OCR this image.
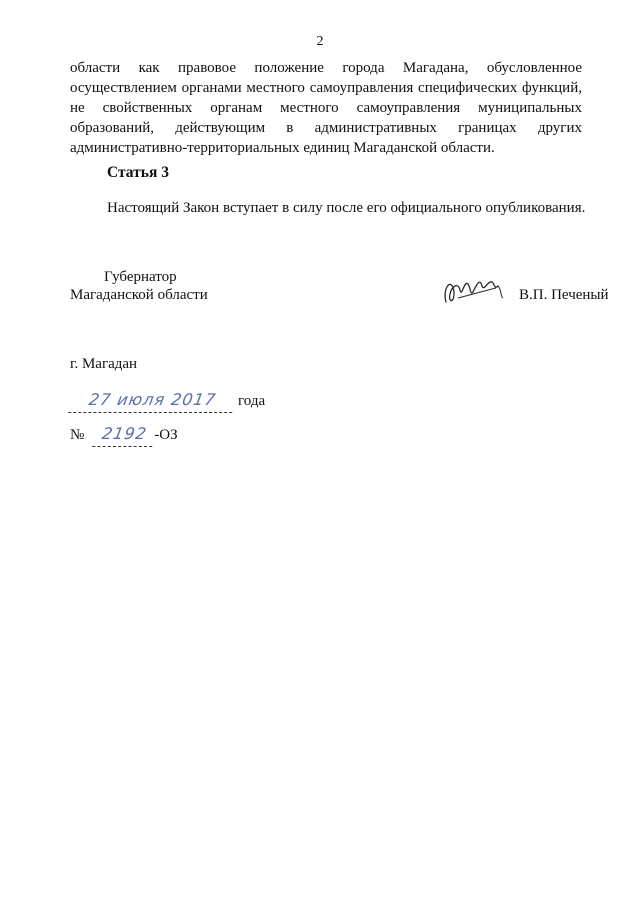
2

области как правовое положение города Магадана, обусловленное осуществлением органами местного самоуправления специфических функций, не свойственных органам местного самоуправления муниципальных образований, действующим в административных границах других административно-территориальных единиц Магаданской области.

Статья 3
Настоящий Закон вступает в силу после его официального опубликования.
Губернатор
Магаданской области	В.П. Печеный
г. Магадан
27 июля 2017	года
№	2192 -ОЗ
